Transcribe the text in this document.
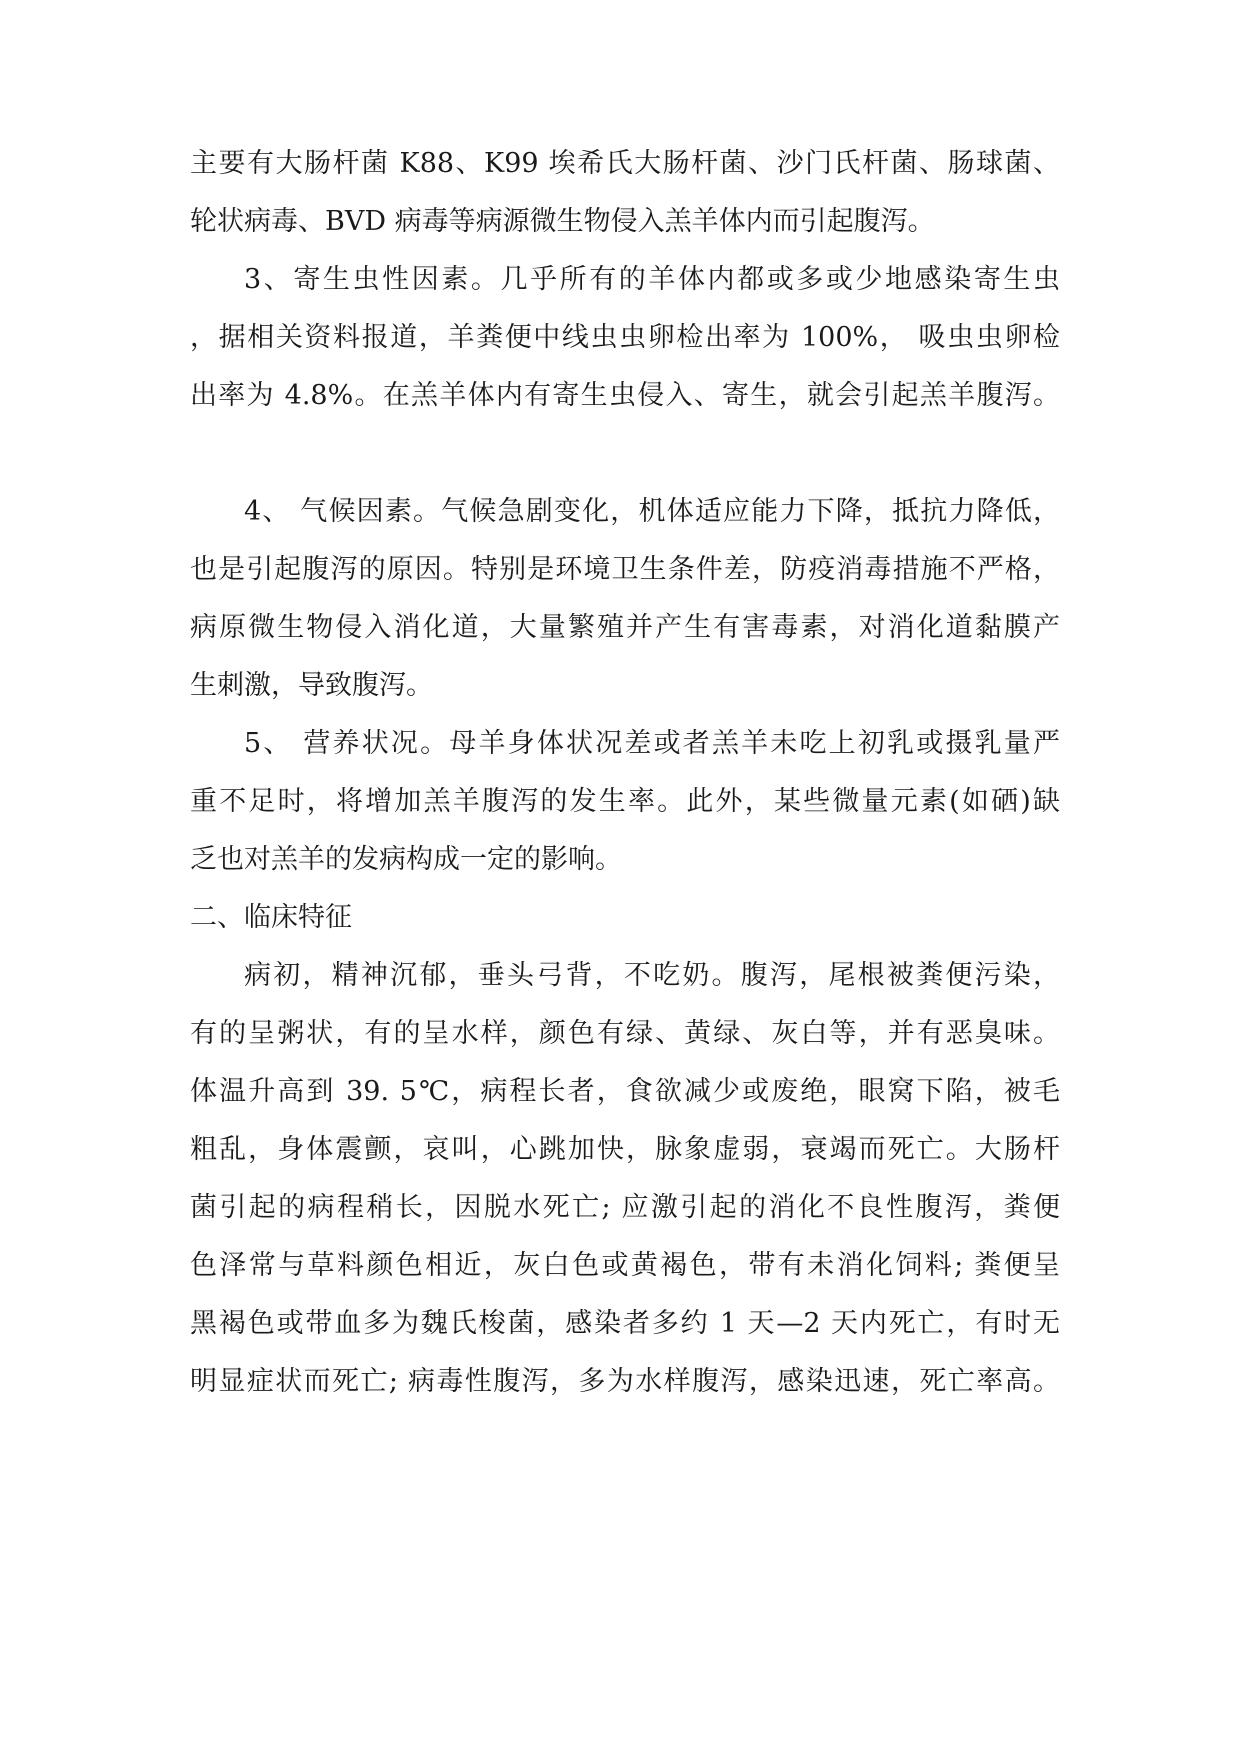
主要有大肠杆菌 K88、K99 埃希氏大肠杆菌、沙门氏杆菌、肠球菌、
轮状病毒、BVD 病毒等病源微生物侵入羔羊体内而引起腹泻。
3、寄生虫性因素。几乎所有的羊体内都或多或少地感染寄生虫
，据相关资料报道，羊粪便中线虫虫卵检出率为 100%， 吸虫虫卵检
出率为 4.8%。在羔羊体内有寄生虫侵入、寄生，就会引起羔羊腹泻。
4、 气候因素。气候急剧变化，机体适应能力下降，抵抗力降低，
也是引起腹泻的原因。特别是环境卫生条件差，防疫消毒措施不严格，
病原微生物侵入消化道，大量繁殖并产生有害毒素，对消化道黏膜产
生刺激，导致腹泻。
5、 营养状况。母羊身体状况差或者羔羊未吃上初乳或摄乳量严
重不足时，将增加羔羊腹泻的发生率。此外，某些微量元素(如硒)缺
乏也对羔羊的发病构成一定的影响。
二、临床特征
病初，精神沉郁，垂头弓背，不吃奶。腹泻，尾根被粪便污染，
有的呈粥状，有的呈水样，颜色有绿、黄绿、灰白等，并有恶臭味。
体温升高到 39. 5℃，病程长者，食欲减少或废绝，眼窝下陷，被毛
粗乱，身体震颤，哀叫，心跳加快，脉象虚弱，衰竭而死亡。大肠杆
菌引起的病程稍长，因脱水死亡; 应激引起的消化不良性腹泻，粪便
色泽常与草料颜色相近，灰白色或黄褐色，带有未消化饲料; 粪便呈
黑褐色或带血多为魏氏梭菌，感染者多约 1 天—2 天内死亡，有时无
明显症状而死亡; 病毒性腹泻，多为水样腹泻，感染迅速，死亡率高。
